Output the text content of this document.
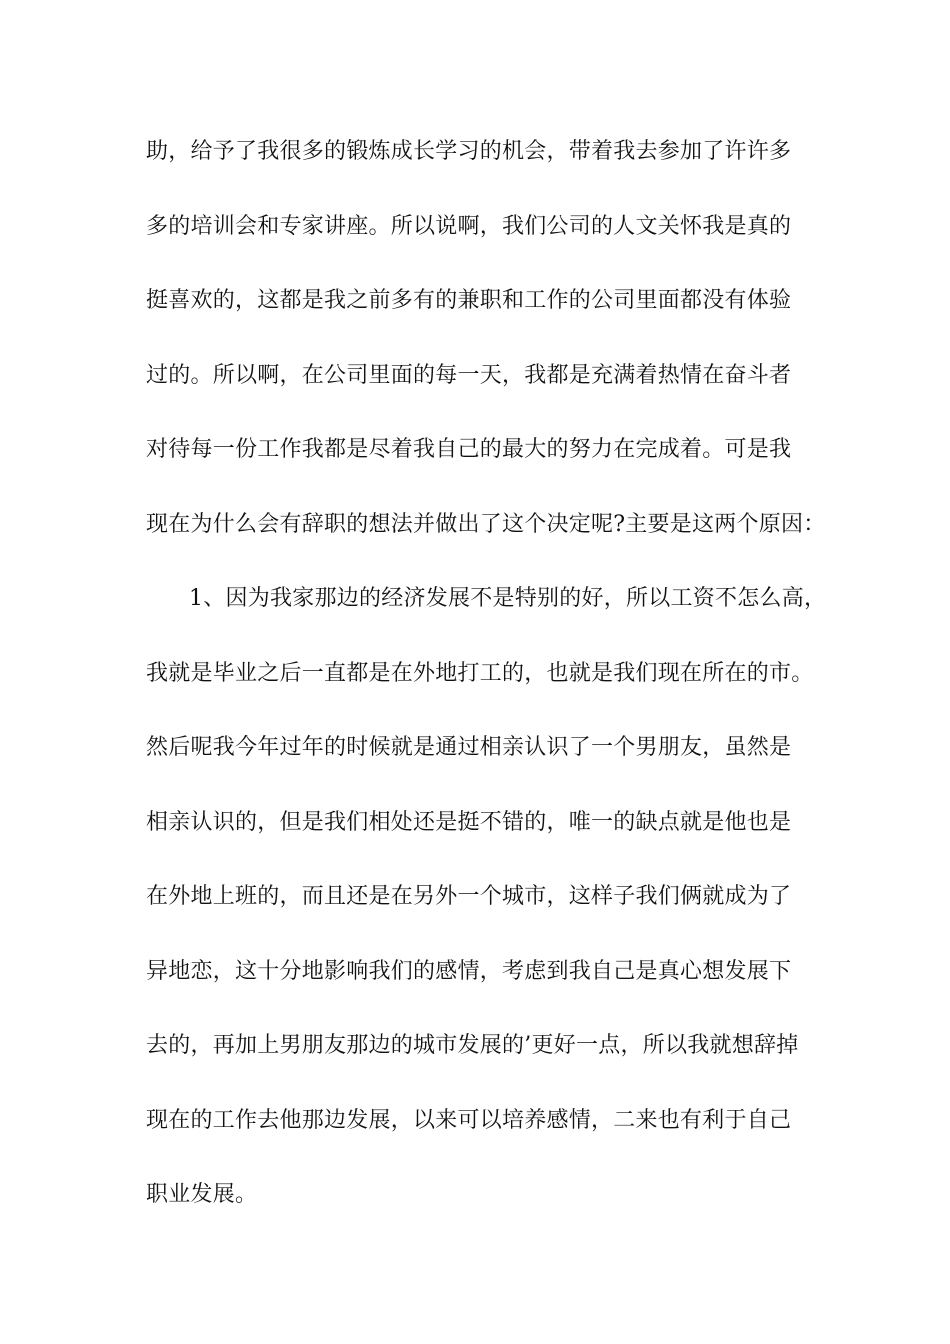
助，给予了我很多的锻炼成长学习的机会，带着我去参加了许许多
多的培训会和专家讲座。所以说啊，我们公司的人文关怀我是真的
挺喜欢的，这都是我之前多有的兼职和工作的公司里面都没有体验
过的。所以啊，在公司里面的每一天，我都是充满着热情在奋斗者
对待每一份工作我都是尽着我自己的最大的努力在完成着。可是我
现在为什么会有辞职的想法并做出了这个决定呢?主要是这两个原因：
1、因为我家那边的经济发展不是特别的好，所以工资不怎么高，
我就是毕业之后一直都是在外地打工的，也就是我们现在所在的市。
然后呢我今年过年的时候就是通过相亲认识了一个男朋友，虽然是
相亲认识的，但是我们相处还是挺不错的，唯一的缺点就是他也是
在外地上班的，而且还是在另外一个城市，这样子我们俩就成为了
异地恋，这十分地影响我们的感情，考虑到我自己是真心想发展下
去的，再加上男朋友那边的城市发展的’更好一点，所以我就想辞掉
现在的工作去他那边发展，以来可以培养感情，二来也有利于自己
职业发展。
